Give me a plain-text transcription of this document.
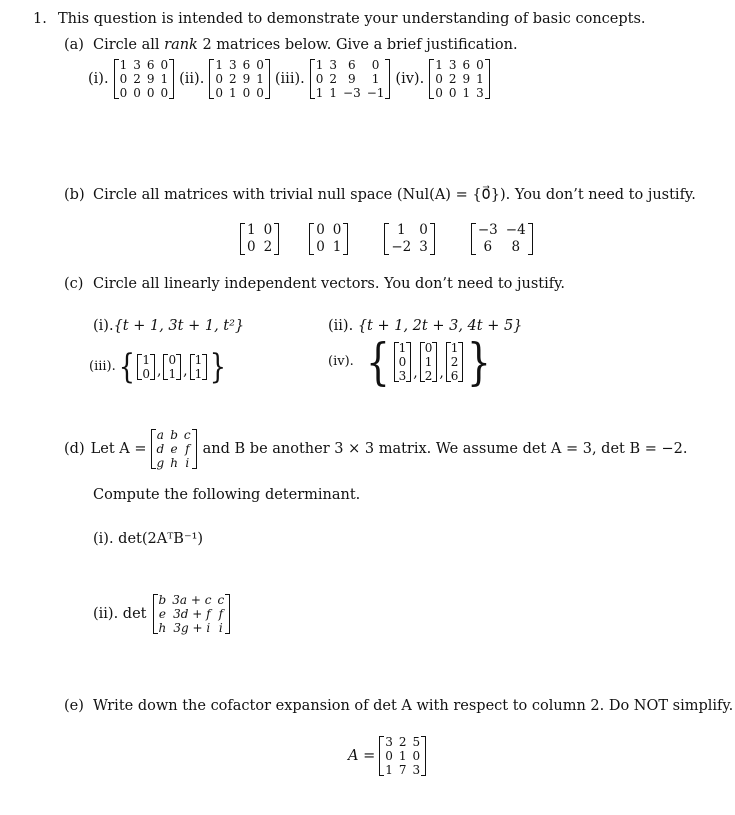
1. This question is intended to demonstrate your understanding of basic concepts.
(a) Circle all rank 2 matrices below. Give a brief justification.
(i).
1	3	6	0
0	2	9	1
0	0	0	0
(ii).
1	3	6	0
0	2	9	1
0	1	0	0
(iii).
1	3	6	0
0	2	9	1
1	1	−3	−1
(iv).
1	3	6	0
0	2	9	1
0	0	1	3
(b) Circle all matrices with trivial null space (Nul(A) = {0⃗}). You don’t need to justify.
1	0
0	2
0	0
0	1
1	0
−2	3
−3	−4
6	8
(c) Circle all linearly independent vectors. You don’t need to justify.
(i).{t + 1, 3t + 1, t²}	(ii). {t + 1, 2t + 3, 4t + 5}
(iii). { 1
0 ,
0
1 ,
1
1 }	(iv). { 1
0
3 ,
0
1
2 ,
1
2
6 }
(d) Let A =
a	b	c
d	e	f
g	h	i
and B be another 3 × 3 matrix. We assume det A = 3, det B = −2.
Compute the following determinant.
(i). det(2AᵀB⁻¹)
(ii). det
b	3a + c	c
e	3d + f	f
h	3g + i	i
(e) Write down the cofactor expansion of det A with respect to column 2. Do NOT simplify.
A =
3	2	5
0	1	0
1	7	3
